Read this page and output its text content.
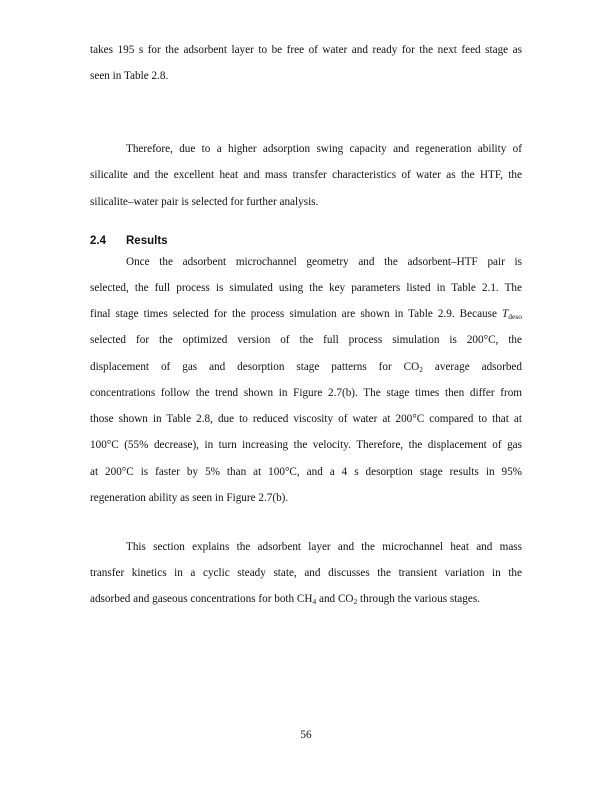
2.4 Results
takes 195 s for the adsorbent layer to be free of water and ready for the next feed stage as
seen in Table 2.8.
Therefore, due to a higher adsorption swing capacity and regeneration ability of
silicalite and the excellent heat and mass transfer characteristics of water as the HTF, the
silicalite–water pair is selected for further analysis.
Once the adsorbent microchannel geometry and the adsorbent–HTF pair is
selected, the full process is simulated using the key parameters listed in Table 2.1. The
final stage times selected for the process simulation are shown in Table 2.9. Because $T_{deso}$
selected for the optimized version of the full process simulation is 200°C, the
displacement of gas and desorption stage patterns for $CO_2$ average adsorbed
concentrations follow the trend shown in Figure 2.7(b). The stage times then differ from
those shown in Table 2.8, due to reduced viscosity of water at 200°C compared to that at
100°C (55% decrease), in turn increasing the velocity. Therefore, the displacement of gas
at 200°C is faster by 5% than at 100°C, and a 4 s desorption stage results in 95%
regeneration ability as seen in Figure 2.7(b).
This section explains the adsorbent layer and the microchannel heat and mass
transfer kinetics in a cyclic steady state, and discusses the transient variation in the
adsorbed and gaseous concentrations for both $CH_4$ and $CO_2$ through the various stages.
56
